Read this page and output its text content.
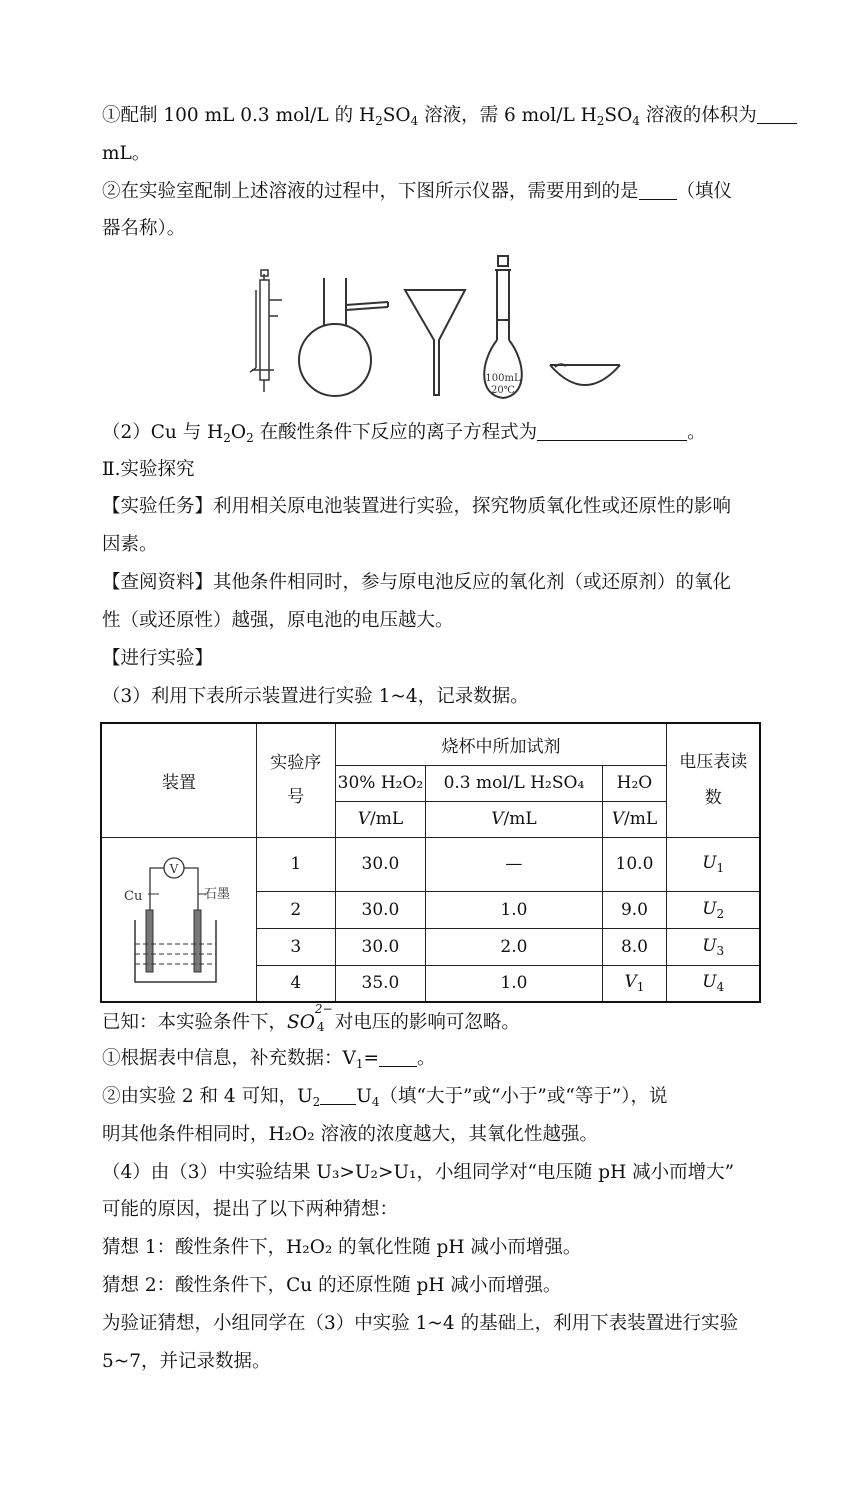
①配制 100 mL 0.3 mol/L 的 $H_2SO_4$ 溶液，需 6 mol/L $H_2SO_4$ 溶液的体积为
mL。
②在实验室配制上述溶液的过程中，下图所示仪器，需要用到的是 （填仪
器名称）。
100mL
20℃
（2）Cu 与 $H_2O_2$ 在酸性条件下反应的离子方程式为	。
Ⅱ.实验探究
【实验任务】利用相关原电池装置进行实验，探究物质氧化性或还原性的影响
因素。
【查阅资料】其他条件相同时，参与原电池反应的氧化剂（或还原剂）的氧化
性（或还原性）越强，原电池的电压越大。
【进行实验】
（3）利用下表所示装置进行实验 1~4，记录数据。
装置	实验序
号	烧杯中所加试剂			电压表读
数
		30% H₂O₂	0.3 mol/L H₂SO₄	H₂O	
		V/mL	V/mL	V/mL	

V
Cu 石墨	1	30.0	—	10.0	$U_1$
	2	30.0	1.0	9.0	$U_2$
	3	30.0	2.0	8.0	$U_3$
	4	35.0	1.0	$V_1$	$U_4$
已知：本实验条件下，SO
2−
4 对电压的影响可忽略。
①根据表中信息，补充数据：$V_1=$ 。
②由实验 2 和 4 可知，$U_2$ $U_4$（填“大于”或“小于”或“等于”），说
明其他条件相同时，H₂O₂ 溶液的浓度越大，其氧化性越强。
（4）由（3）中实验结果 U₃>U₂>U₁，小组同学对“电压随 pH 减小而增大”
可能的原因，提出了以下两种猜想：
猜想 1：酸性条件下，H₂O₂ 的氧化性随 pH 减小而增强。
猜想 2：酸性条件下，Cu 的还原性随 pH 减小而增强。
为验证猜想，小组同学在（3）中实验 1~4 的基础上，利用下表装置进行实验
5~7，并记录数据。
